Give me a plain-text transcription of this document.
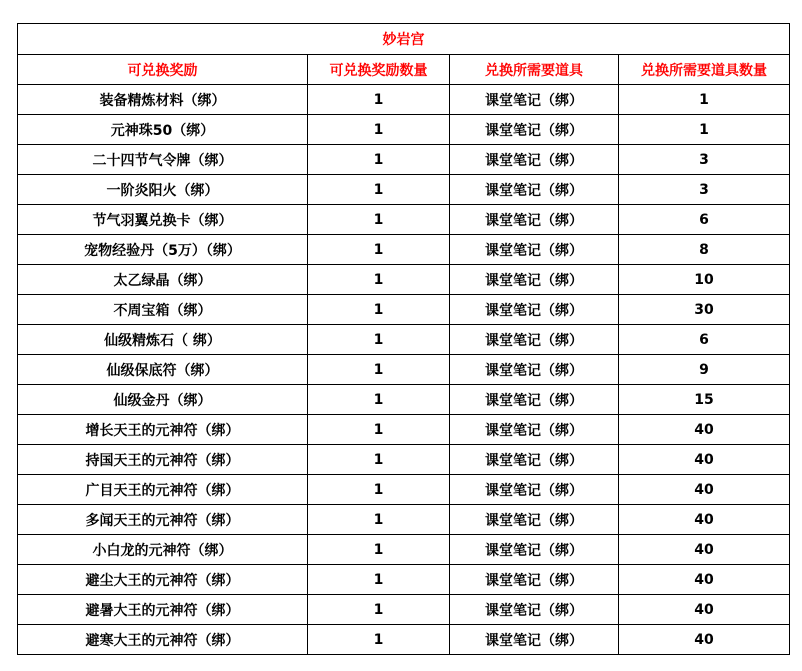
妙岩宫			
可兑换奖励	可兑换奖励数量	兑换所需要道具	兑换所需要道具数量
装备精炼材料（绑）	1	课堂笔记（绑）	1
元神珠50（绑）	1	课堂笔记（绑）	1
二十四节气令牌（绑）	1	课堂笔记（绑）	3
一阶炎阳火（绑）	1	课堂笔记（绑）	3
节气羽翼兑换卡（绑）	1	课堂笔记（绑）	6
宠物经验丹（5万）（绑）	1	课堂笔记（绑）	8
太乙绿晶（绑）	1	课堂笔记（绑）	10
不周宝箱（绑）	1	课堂笔记（绑）	30
仙级精炼石（ 绑）	1	课堂笔记（绑）	6
仙级保底符（绑）	1	课堂笔记（绑）	9
仙级金丹（绑）	1	课堂笔记（绑）	15
增长天王的元神符（绑）	1	课堂笔记（绑）	40
持国天王的元神符（绑）	1	课堂笔记（绑）	40
广目天王的元神符（绑）	1	课堂笔记（绑）	40
多闻天王的元神符（绑）	1	课堂笔记（绑）	40
小白龙的元神符（绑）	1	课堂笔记（绑）	40
避尘大王的元神符（绑）	1	课堂笔记（绑）	40
避暑大王的元神符（绑）	1	课堂笔记（绑）	40
避寒大王的元神符（绑）	1	课堂笔记（绑）	40
